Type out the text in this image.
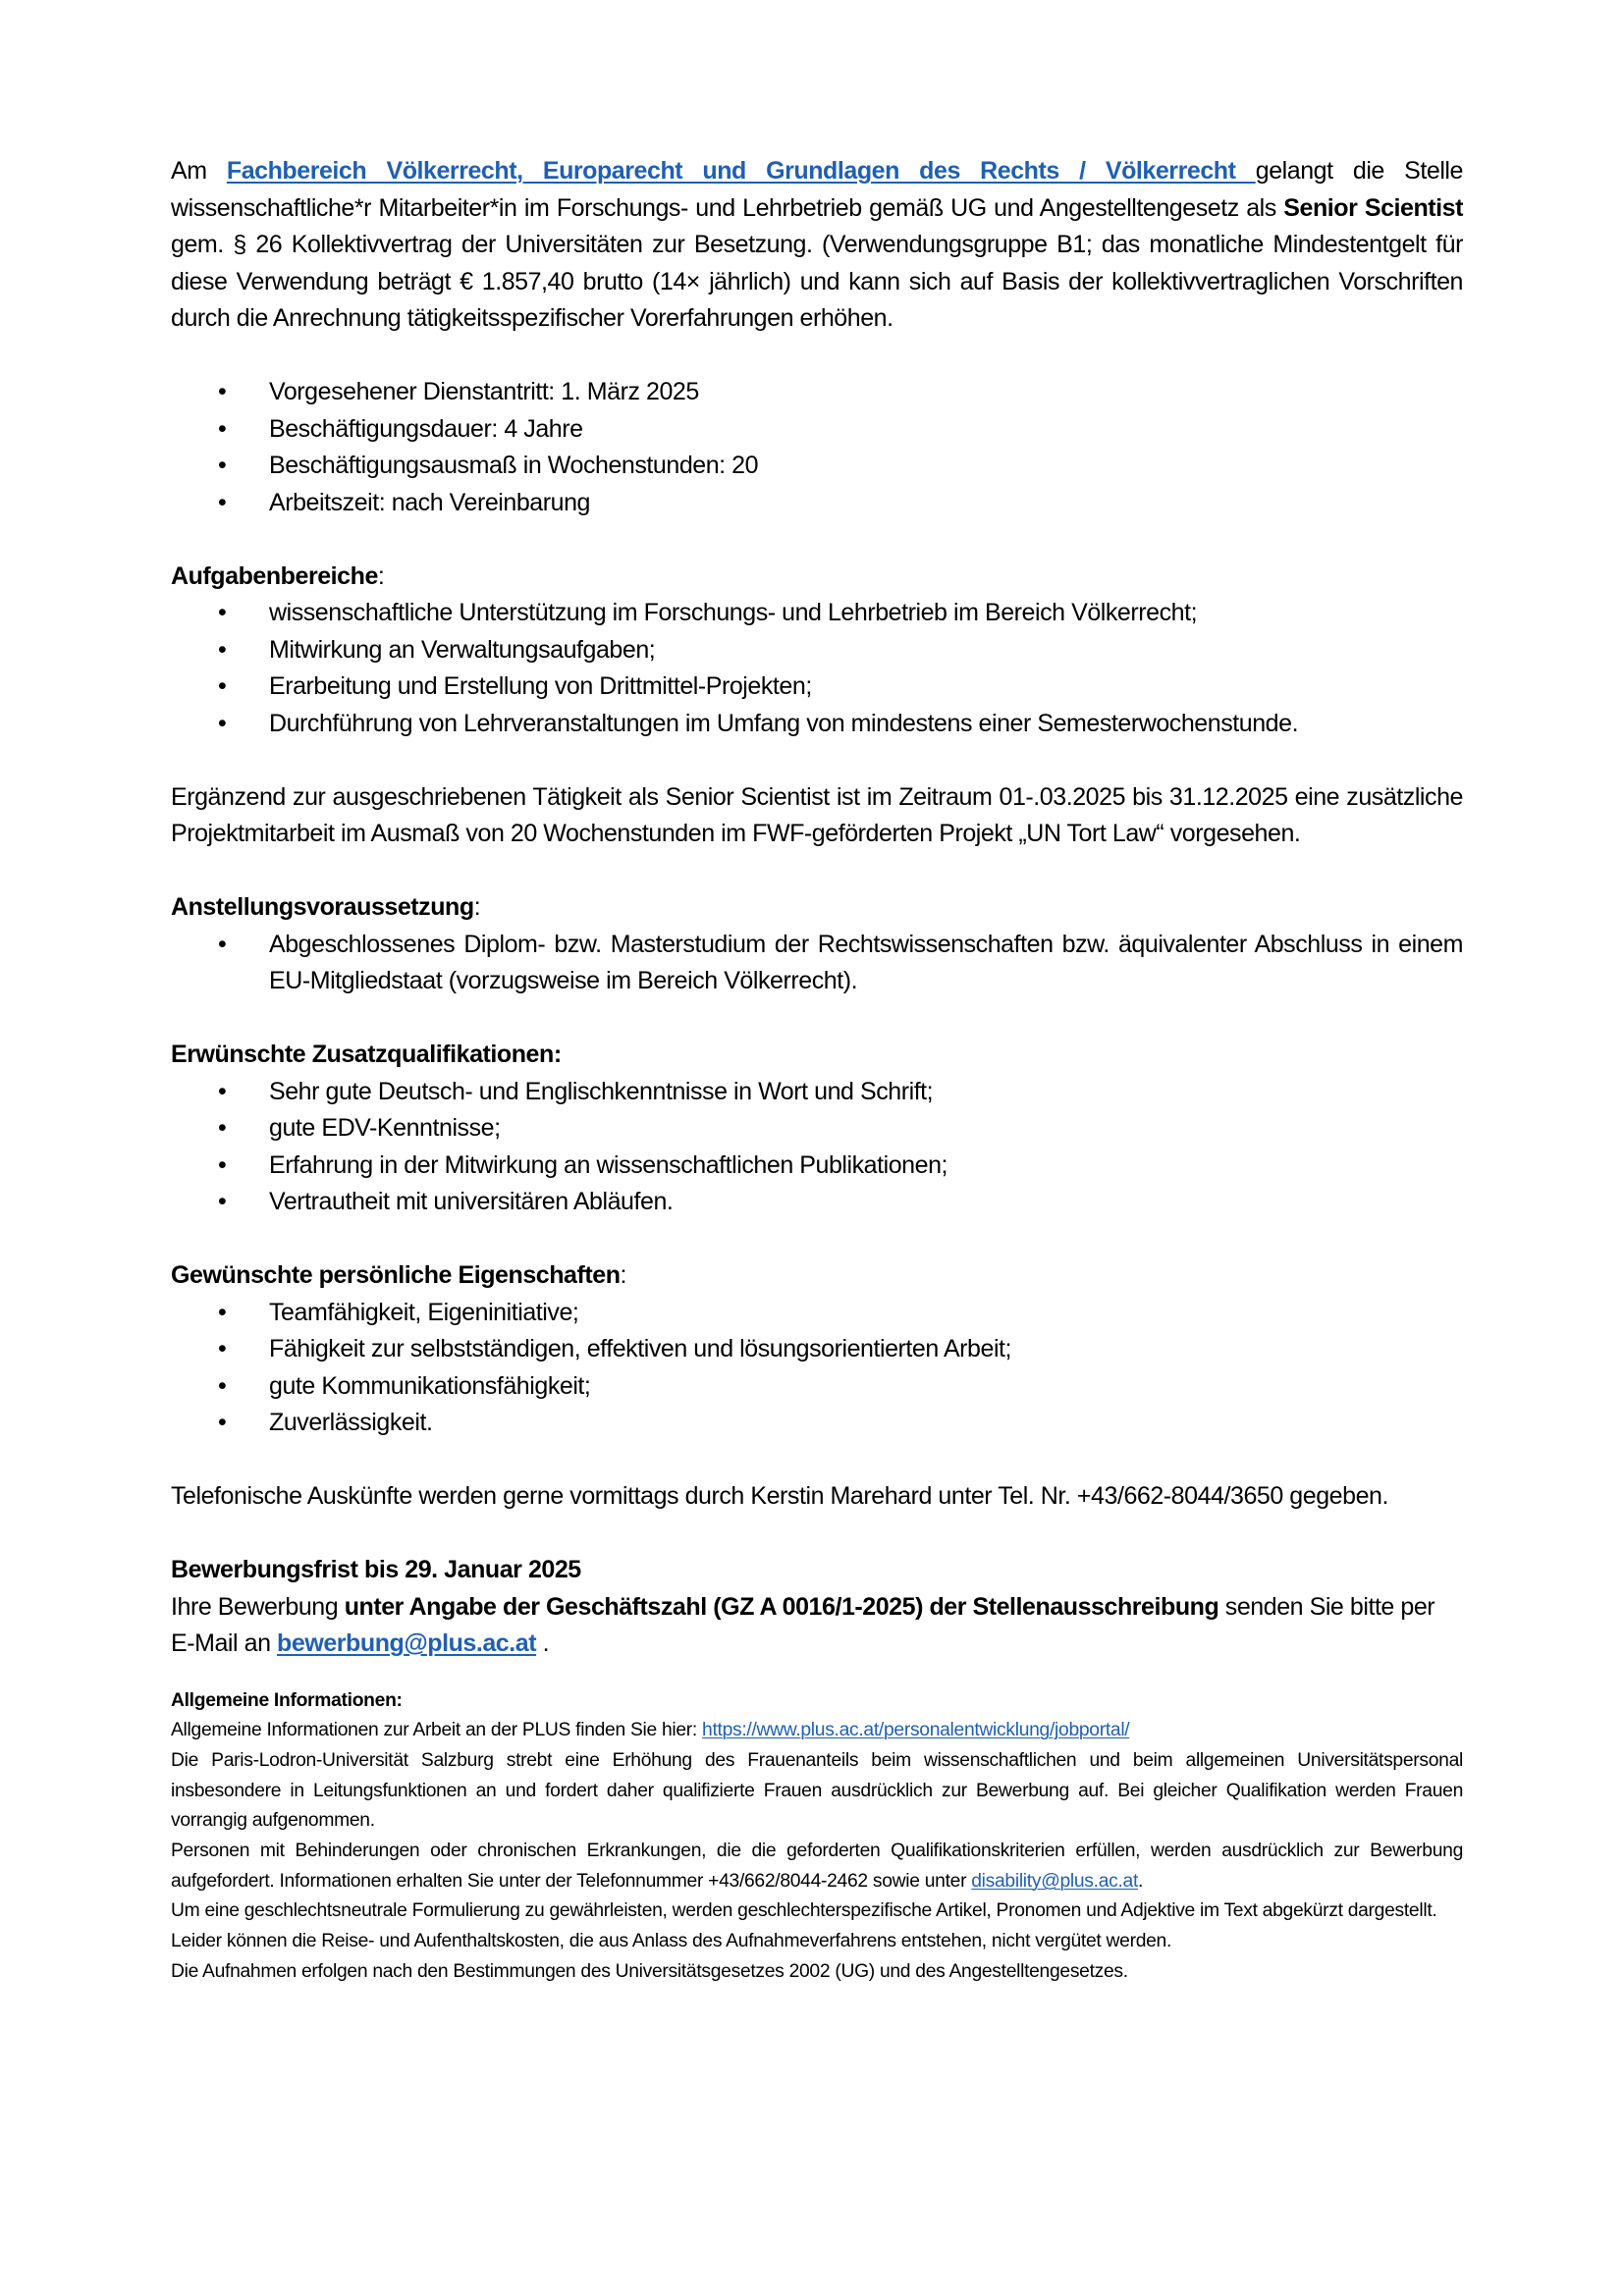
Am Fachbereich Völkerrecht, Europarecht und Grundlagen des Rechts / Völkerrecht gelangt die Stelle wissenschaftliche*r Mitarbeiter*in im Forschungs- und Lehrbetrieb gemäß UG und Angestelltengesetz als Senior Scientist gem. § 26 Kollektivvertrag der Universitäten zur Besetzung. (Verwendungsgruppe B1; das monatliche Mindestentgelt für diese Verwendung beträgt € 1.857,40 brutto (14× jährlich) und kann sich auf Basis der kollektivvertraglichen Vorschriften durch die Anrechnung tätigkeitsspezifischer Vorerfahrungen erhöhen.

•	Vorgesehener Dienstantritt: 1. März 2025
•	Beschäftigungsdauer: 4 Jahre
•	Beschäftigungsausmaß in Wochenstunden: 20
•	Arbeitszeit: nach Vereinbarung

Aufgabenbereiche:

•	wissenschaftliche Unterstützung im Forschungs- und Lehrbetrieb im Bereich Völkerrecht;
•	Mitwirkung an Verwaltungsaufgaben;
•	Erarbeitung und Erstellung von Drittmittel-Projekten;
•	Durchführung von Lehrveranstaltungen im Umfang von mindestens einer Semesterwochenstunde.

Ergänzend zur ausgeschriebenen Tätigkeit als Senior Scientist ist im Zeitraum 01-.03.2025 bis 31.12.2025 eine zusätzliche Projektmitarbeit im Ausmaß von 20 Wochenstunden im FWF-geförderten Projekt „UN Tort Law“ vorgesehen.

Anstellungsvoraussetzung:

•	Abgeschlossenes Diplom- bzw. Masterstudium der Rechtswissenschaften bzw. äquivalenter Abschluss in einem EU-Mitgliedstaat (vorzugsweise im Bereich Völkerrecht).

Erwünschte Zusatzqualifikationen:

•	Sehr gute Deutsch- und Englischkenntnisse in Wort und Schrift;
•	gute EDV-Kenntnisse;
•	Erfahrung in der Mitwirkung an wissenschaftlichen Publikationen;
•	Vertrautheit mit universitären Abläufen.

Gewünschte persönliche Eigenschaften:

•	Teamfähigkeit, Eigeninitiative;
•	Fähigkeit zur selbstständigen, effektiven und lösungsorientierten Arbeit;
•	gute Kommunikationsfähigkeit;
•	Zuverlässigkeit.

Telefonische Auskünfte werden gerne vormittags durch Kerstin Marehard unter Tel. Nr. +43/662-8044/3650 gegeben.

Bewerbungsfrist bis 29. Januar 2025

Ihre Bewerbung unter Angabe der Geschäftszahl (GZ A 0016/1-2025) der Stellenausschreibung senden Sie bitte per E-Mail an bewerbung@plus.ac.at .

Allgemeine Informationen:

Allgemeine Informationen zur Arbeit an der PLUS finden Sie hier: https://www.plus.ac.at/personalentwicklung/jobportal/

Die Paris-Lodron-Universität Salzburg strebt eine Erhöhung des Frauenanteils beim wissenschaftlichen und beim allgemeinen Universitätspersonal insbesondere in Leitungsfunktionen an und fordert daher qualifizierte Frauen ausdrücklich zur Bewerbung auf. Bei gleicher Qualifikation werden Frauen vorrangig aufgenommen.

Personen mit Behinderungen oder chronischen Erkrankungen, die die geforderten Qualifikationskriterien erfüllen, werden ausdrücklich zur Bewerbung aufgefordert. Informationen erhalten Sie unter der Telefonnummer +43/662/8044-2462 sowie unter disability@plus.ac.at.

Um eine geschlechtsneutrale Formulierung zu gewährleisten, werden geschlechterspezifische Artikel, Pronomen und Adjektive im Text abgekürzt dargestellt.

Leider können die Reise- und Aufenthaltskosten, die aus Anlass des Aufnahmeverfahrens entstehen, nicht vergütet werden.

Die Aufnahmen erfolgen nach den Bestimmungen des Universitätsgesetzes 2002 (UG) und des Angestelltengesetzes.
